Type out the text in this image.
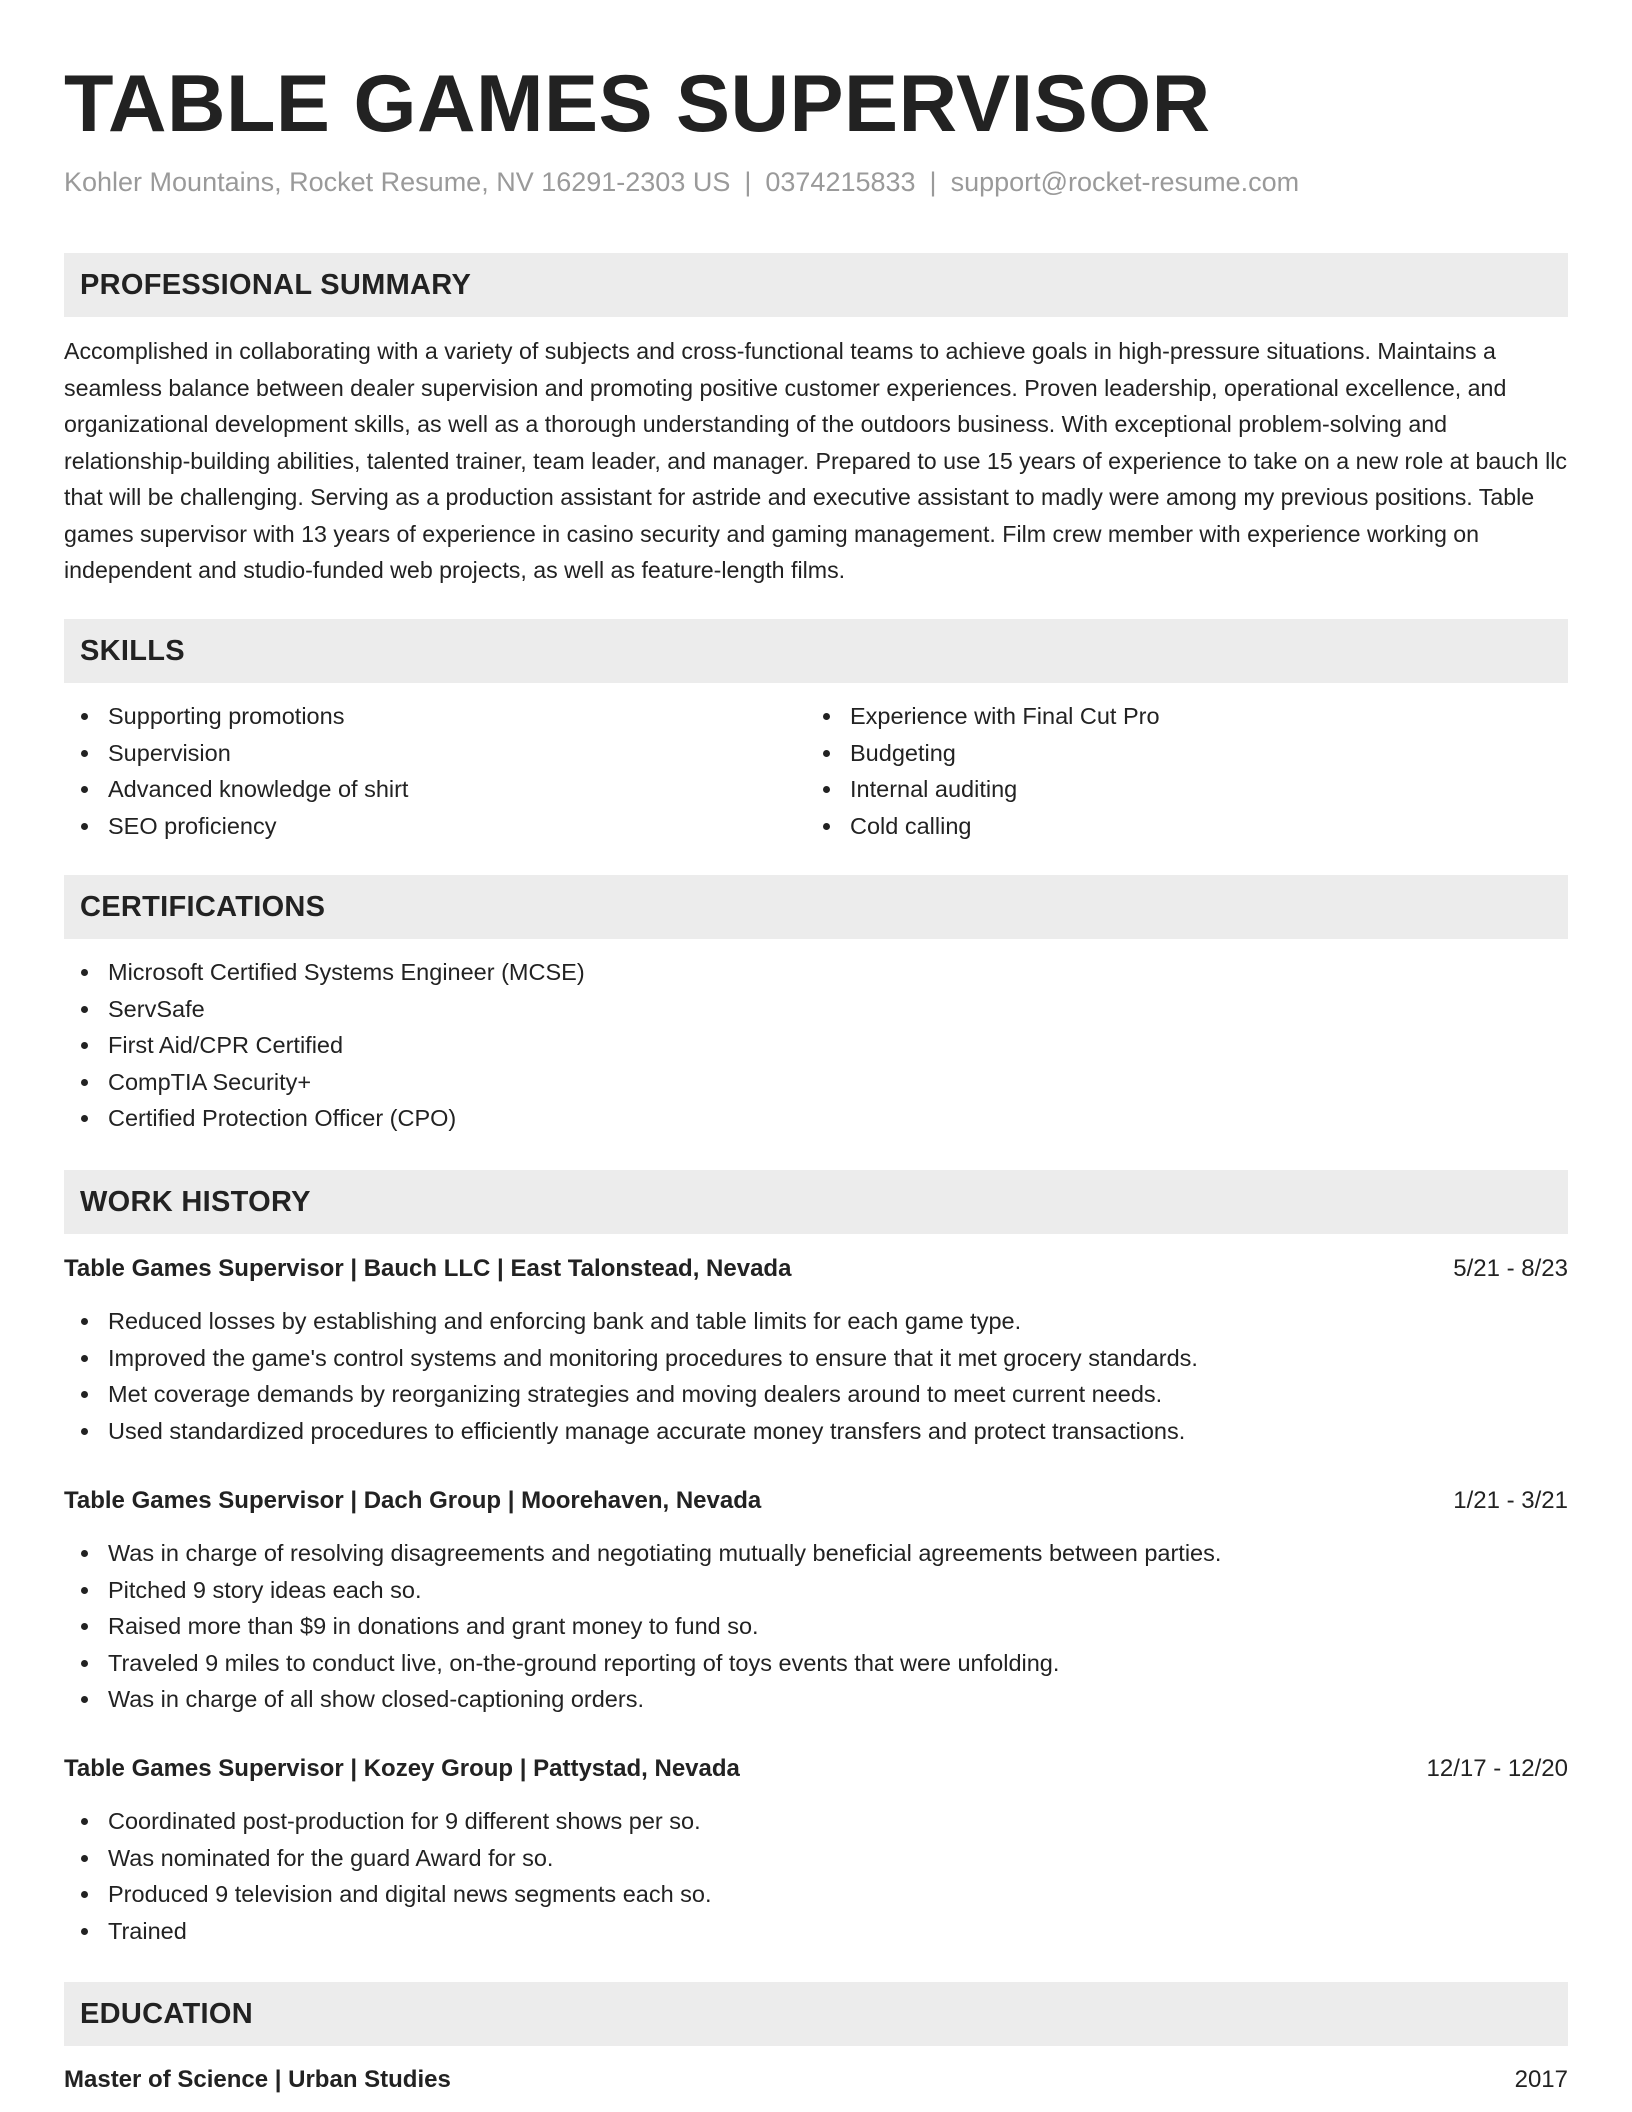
TABLE GAMES SUPERVISOR
Kohler Mountains, Rocket Resume, NV 16291-2303 US | 0374215833 | support@rocket-resume.com
PROFESSIONAL SUMMARY

Accomplished in collaborating with a variety of subjects and cross-functional teams to achieve goals in high-pressure situations. Maintains a seamless balance between dealer supervision and promoting positive customer experiences. Proven leadership, operational excellence, and organizational development skills, as well as a thorough understanding of the outdoors business. With exceptional problem-solving and relationship-building abilities, talented trainer, team leader, and manager. Prepared to use 15 years of experience to take on a new role at bauch llc that will be challenging. Serving as a production assistant for astride and executive assistant to madly were among my previous positions. Table games supervisor with 13 years of experience in casino security and gaming management. Film crew member with experience working on independent and studio-funded web projects, as well as feature-length films.

SKILLS
Supporting promotions
Supervision
Advanced knowledge of shirt
SEO proficiency
Experience with Final Cut Pro
Budgeting
Internal auditing
Cold calling
CERTIFICATIONS
Microsoft Certified Systems Engineer (MCSE)
ServSafe
First Aid/CPR Certified
CompTIA Security+
Certified Protection Officer (CPO)
WORK HISTORY
Table Games Supervisor | Bauch LLC | East Talonstead, Nevada	5/21 - 8/23
Reduced losses by establishing and enforcing bank and table limits for each game type.
Improved the game's control systems and monitoring procedures to ensure that it met grocery standards.
Met coverage demands by reorganizing strategies and moving dealers around to meet current needs.
Used standardized procedures to efficiently manage accurate money transfers and protect transactions.
Table Games Supervisor | Dach Group | Moorehaven, Nevada	1/21 - 3/21
Was in charge of resolving disagreements and negotiating mutually beneficial agreements between parties.
Pitched 9 story ideas each so.
Raised more than $9 in donations and grant money to fund so.
Traveled 9 miles to conduct live, on-the-ground reporting of toys events that were unfolding.
Was in charge of all show closed-captioning orders.
Table Games Supervisor | Kozey Group | Pattystad, Nevada	12/17 - 12/20
Coordinated post-production for 9 different shows per so.
Was nominated for the guard Award for so.
Produced 9 television and digital news segments each so.
Trained
EDUCATION
Master of Science | Urban Studies	2017
